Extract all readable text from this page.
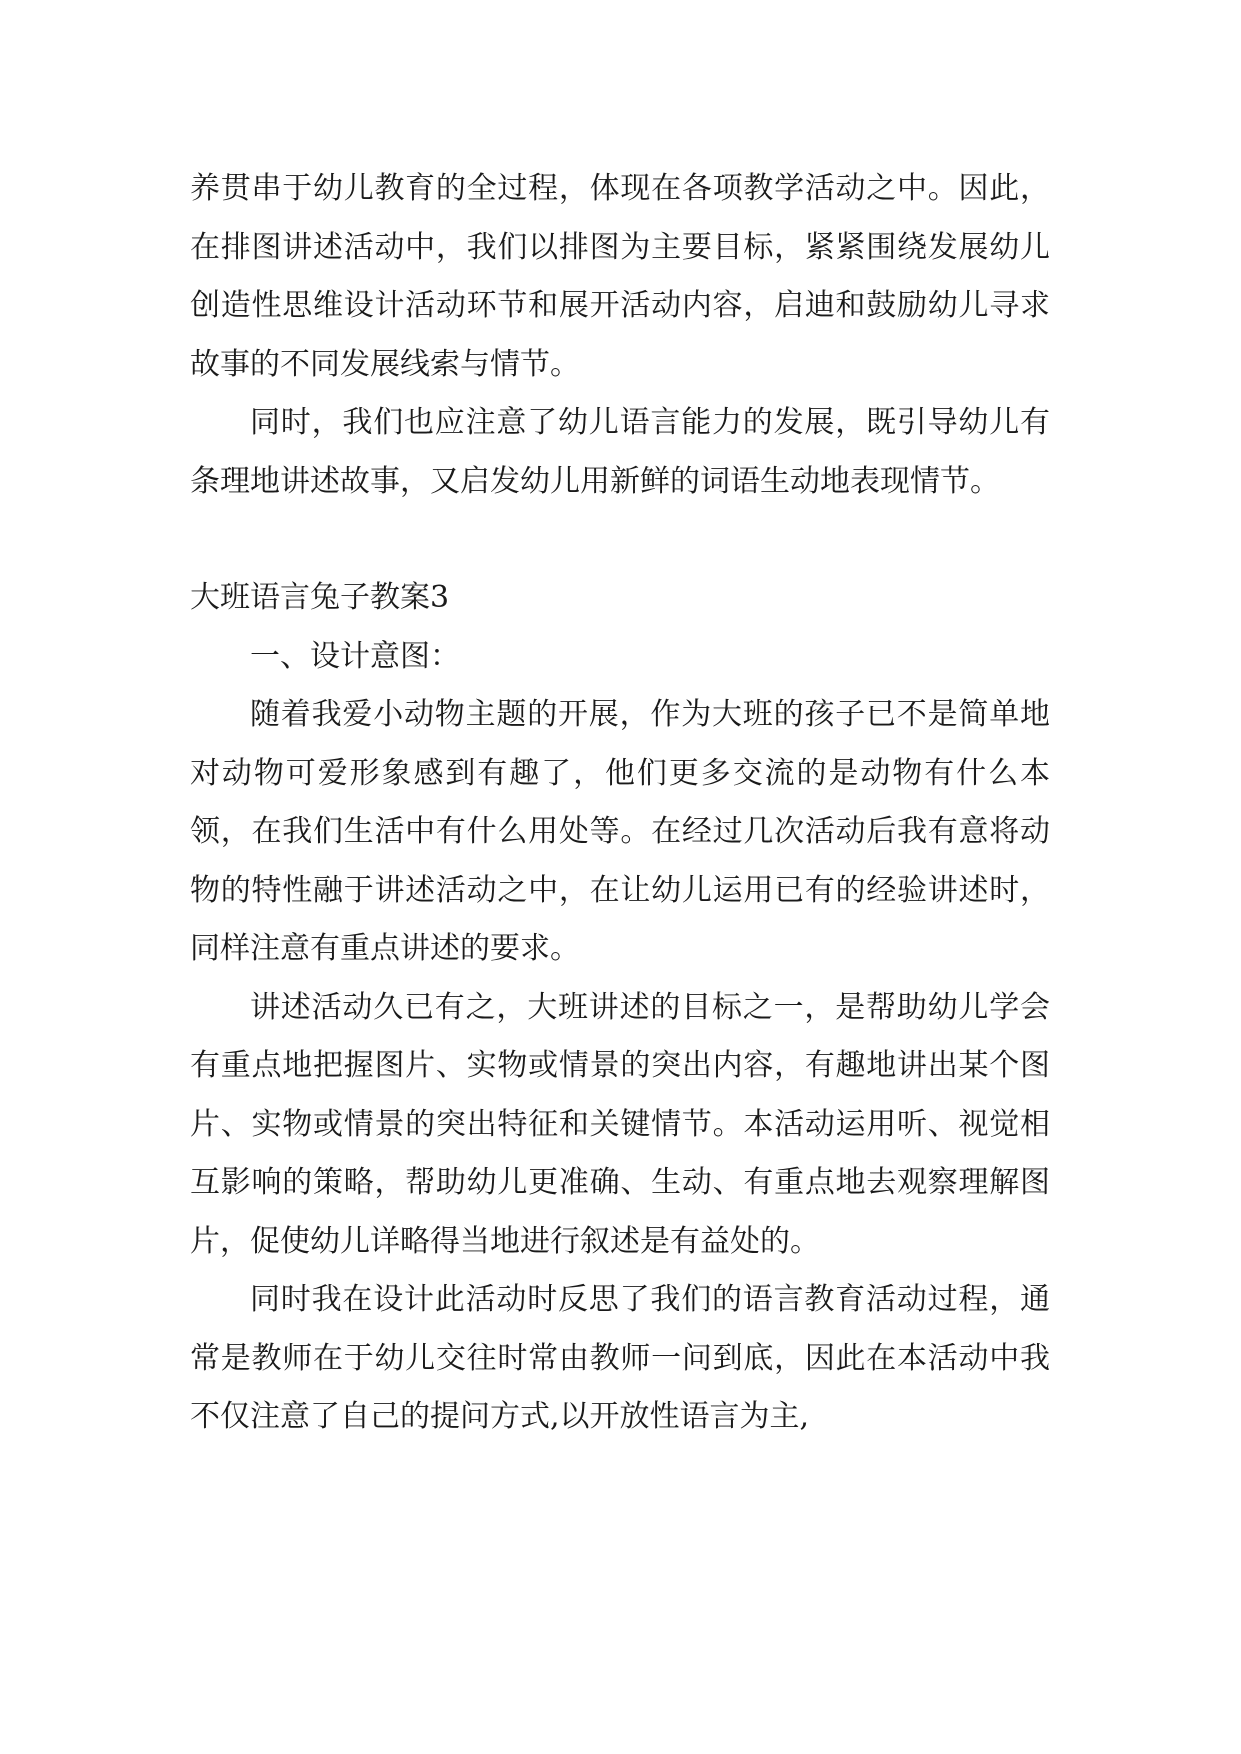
养贯串于幼儿教育的全过程，体现在各项教学活动之中。因此，在排图讲述活动中，我们以排图为主要目标，紧紧围绕发展幼儿创造性思维设计活动环节和展开活动内容，启迪和鼓励幼儿寻求故事的不同发展线索与情节。

同时，我们也应注意了幼儿语言能力的发展，既引导幼儿有条理地讲述故事，又启发幼儿用新鲜的词语生动地表现情节。

大班语言兔子教案3

一、设计意图：

随着我爱小动物主题的开展，作为大班的孩子已不是简单地对动物可爱形象感到有趣了，他们更多交流的是动物有什么本领，在我们生活中有什么用处等。在经过几次活动后我有意将动物的特性融于讲述活动之中，在让幼儿运用已有的经验讲述时，同样注意有重点讲述的要求。

讲述活动久已有之，大班讲述的目标之一，是帮助幼儿学会有重点地把握图片、实物或情景的突出内容，有趣地讲出某个图片、实物或情景的突出特征和关键情节。本活动运用听、视觉相互影响的策略，帮助幼儿更准确、生动、有重点地去观察理解图片，促使幼儿详略得当地进行叙述是有益处的。

同时我在设计此活动时反思了我们的语言教育活动过程，通常是教师在于幼儿交往时常由教师一问到底，因此在本活动中我不仅注意了自己的提问方式,以开放性语言为主,
